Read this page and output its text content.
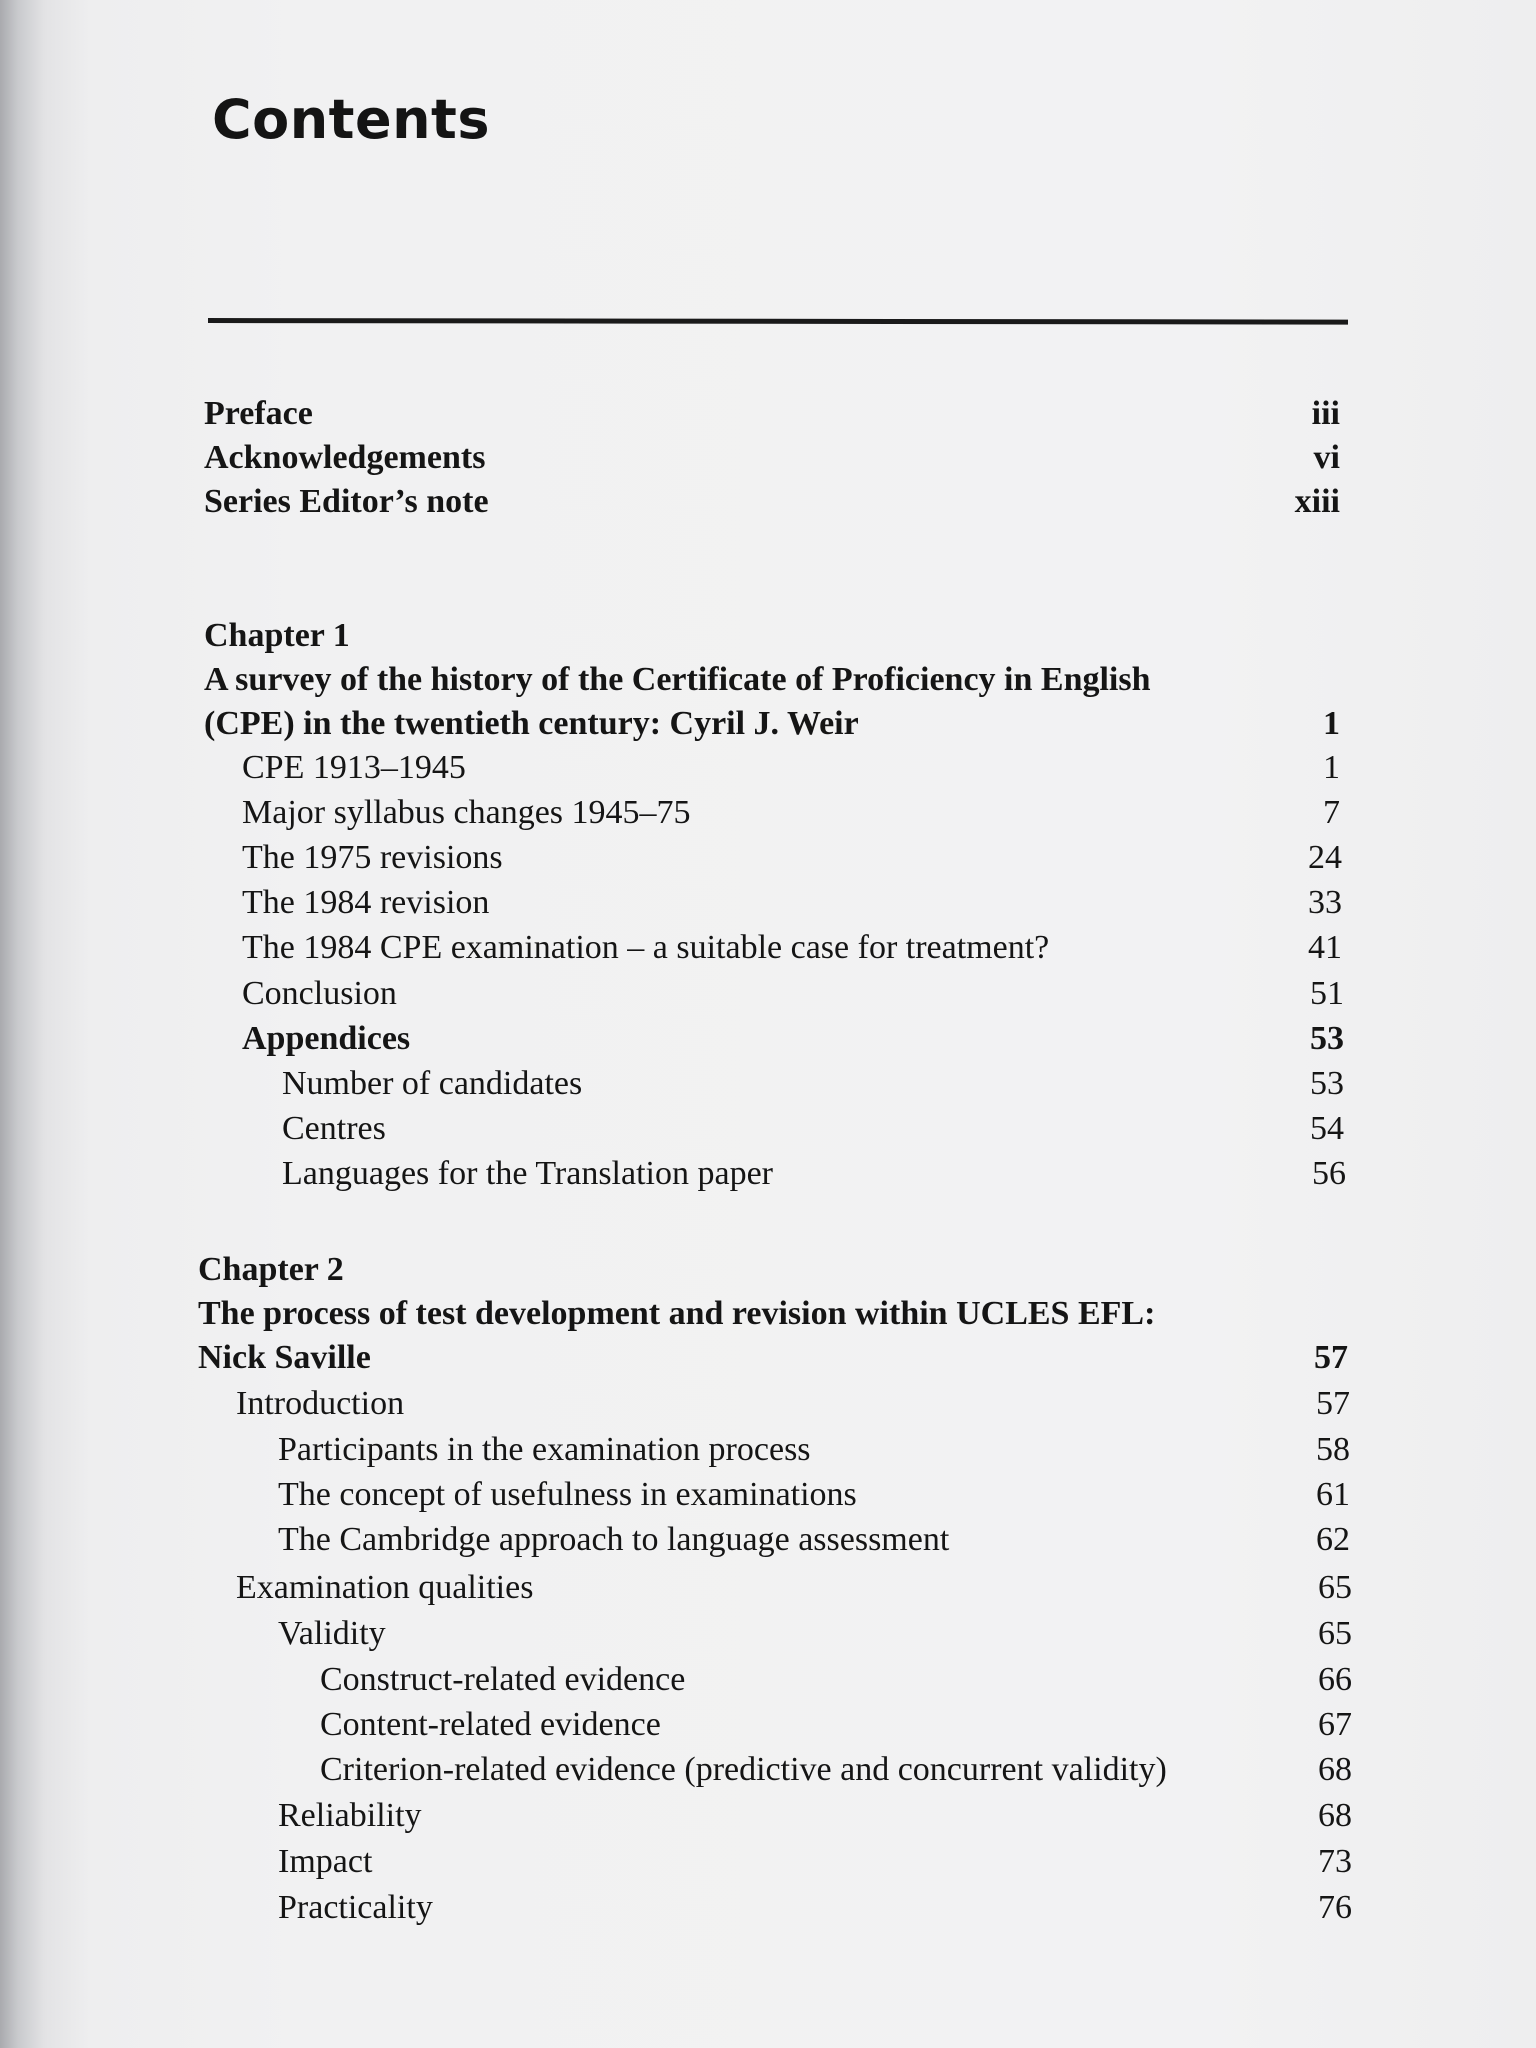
Contents
Preface	iii
Acknowledgements	vi
Series Editor’s note	xiii
Chapter 1
A survey of the history of the Certificate of Proficiency in English
(CPE) in the twentieth century: Cyril J. Weir	1
CPE 1913–1945	1
Major syllabus changes 1945–75	7
The 1975 revisions	24
The 1984 revision	33
The 1984 CPE examination – a suitable case for treatment?	41
Conclusion	51
Appendices	53
Number of candidates	53
Centres	54
Languages for the Translation paper	56
Chapter 2
The process of test development and revision within UCLES EFL:
Nick Saville	57
Introduction	57
Participants in the examination process	58
The concept of usefulness in examinations	61
The Cambridge approach to language assessment	62
Examination qualities	65
Validity	65
Construct-related evidence	66
Content-related evidence	67
Criterion-related evidence (predictive and concurrent validity)	68
Reliability	68
Impact	73
Practicality	76
